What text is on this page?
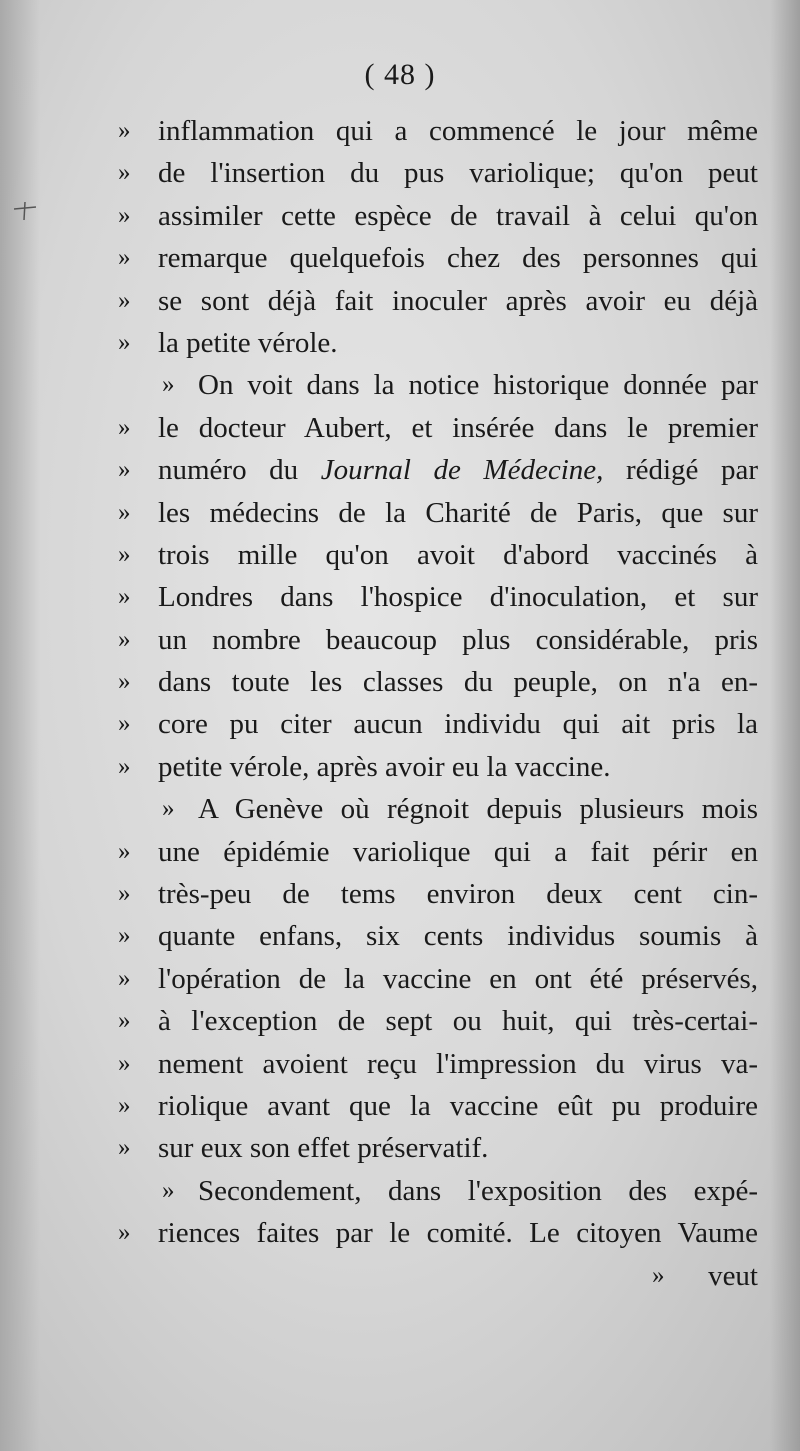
( 48 )
» inflammation qui a commencé le jour même
» de l'insertion du pus variolique; qu'on peut
» assimiler cette espèce de travail à celui qu'on
» remarque quelquefois chez des personnes qui
» se sont déjà fait inoculer après avoir eu déjà
» la petite vérole.
» On voit dans la notice historique donnée par
» le docteur Aubert, et insérée dans le premier
» numéro du Journal de Médecine, rédigé par
» les médecins de la Charité de Paris, que sur
» trois mille qu'on avoit d'abord vaccinés à
» Londres dans l'hospice d'inoculation, et sur
» un nombre beaucoup plus considérable, pris
» dans toute les classes du peuple, on n'a en-
» core pu citer aucun individu qui ait pris la
» petite vérole, après avoir eu la vaccine.
» A Genève où régnoit depuis plusieurs mois
» une épidémie variolique qui a fait périr en
» très-peu de tems environ deux cent cin-
» quante enfans, six cents individus soumis à
» l'opération de la vaccine en ont été préservés,
» à l'exception de sept ou huit, qui très-certai-
» nement avoient reçu l'impression du virus va-
» riolique avant que la vaccine eût pu produire
» sur eux son effet préservatif.
» Secondement, dans l'exposition des expé-
» riences faites par le comité. Le citoyen Vaume
»	veut
